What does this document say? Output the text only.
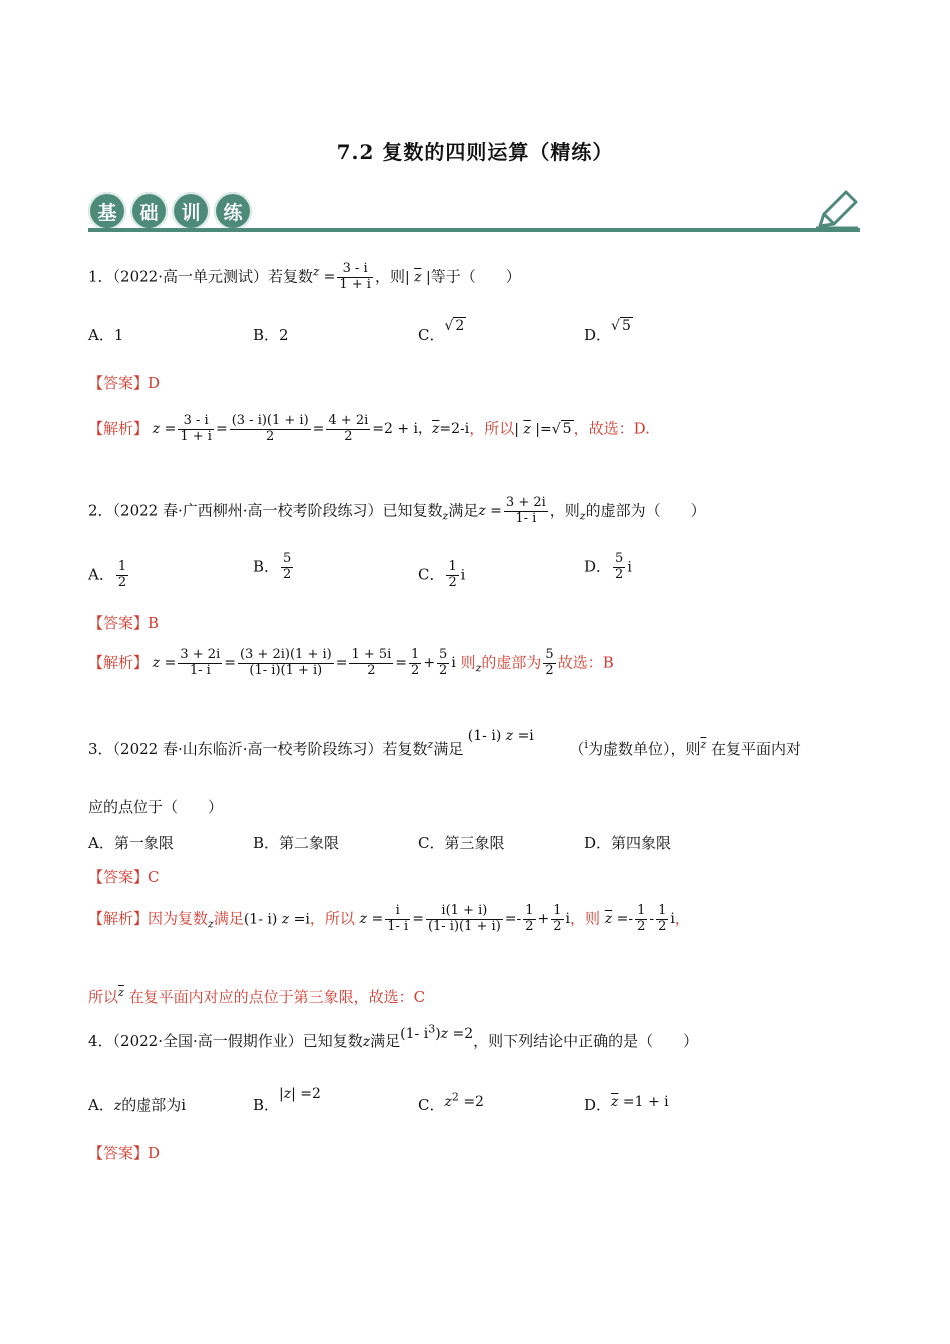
7.2 复数的四则运算（精练）
基	础	训	练
1．（2022·高一单元测试）若复数$^z = \frac{3 - i}{1 + i}$ ，则| $\overline{z}$ |等于（　　）
A．1	B．2	C．√ 2	D．√ 5
【答案】D
【解析】 $z = \frac{3 - i}{1 + i} = \frac{(3 - i)(1 + i)}{2} = \frac{4 + 2i}{2} =2 + i$，$\overline{z}=2-i$，所以| $\overline{z}$ |=√ 5 ，故选：D.
2．（2022 春·广西柳州·高一校考阶段练习）已知复数$_z$满足$z = \frac{3 + 2i}{1- i}$ ，则$_z$的虚部为（　　）
A． $\frac{1}{2}$	B． $\frac{5}{2}$	C． $\frac{1}{2}$ i	D． $\frac{5}{2}$ i
【答案】B
【解析】 $z = \frac{3 + 2i}{1- i} = \frac{(3 + 2i)(1 + i)}{(1- i)(1 + i)} = \frac{1 + 5i}{2} = \frac{1}{2} + \frac{5}{2}$ i 则$_z$的虚部为 $\frac{5}{2}$ 故选：B
3．（2022 春·山东临沂·高一校考阶段练习）若复数$^z$满足 (1- i) z =i        （$^i$为虚数单位），则$^{\overline{z}}$ 在复平面内对
应的点位于（　　）
A．第一象限	B．第二象限	C．第三象限	D．第四象限
【答案】C
【解析】因为复数$_z$满足(1- i) z =i，所以 $z = \frac{i}{1- i} = \frac{i(1 + i)}{(1- i)(1 + i)} =- \frac{1}{2} + \frac{1}{2}$ i，则 $\overline{z} =- \frac{1}{2} - \frac{1}{2}$ i，
所以$^{\overline{z}}$ 在复平面内对应的点位于第三象限，故选：C
4．（2022·全国·高一假期作业）已知复数z满足(1- $i^3)z =2$，则下列结论中正确的是（　　）
A．z的虚部为i	B．|z| =2
C．$z^2 =2$	D．$\overline{z} =1 + i$
【答案】D
